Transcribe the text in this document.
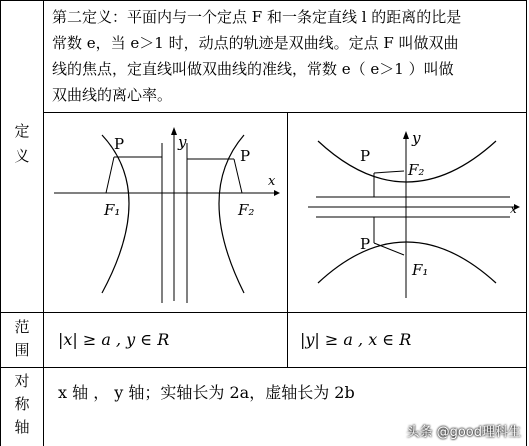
定
义
范
围
对
称
轴
第二定义：平面内与一个定点 F 和一条定直线 l 的距离的比是
常数 e，当 e＞1 时，动点的轨迹是双曲线。定点 F 叫做双曲
线的焦点，定直线叫做双曲线的准线，常数 e（ e＞1 ）叫做
双曲线的离心率。
P
P
F₁	F₂
x
y
P
P
F₂
F₁
x
y
|x| ≥ a , y ∈ R	|y| ≥ a , x ∈ R
x 轴 ， y 轴；实轴长为 2a，虚轴长为 2b
头条 @good理科生
